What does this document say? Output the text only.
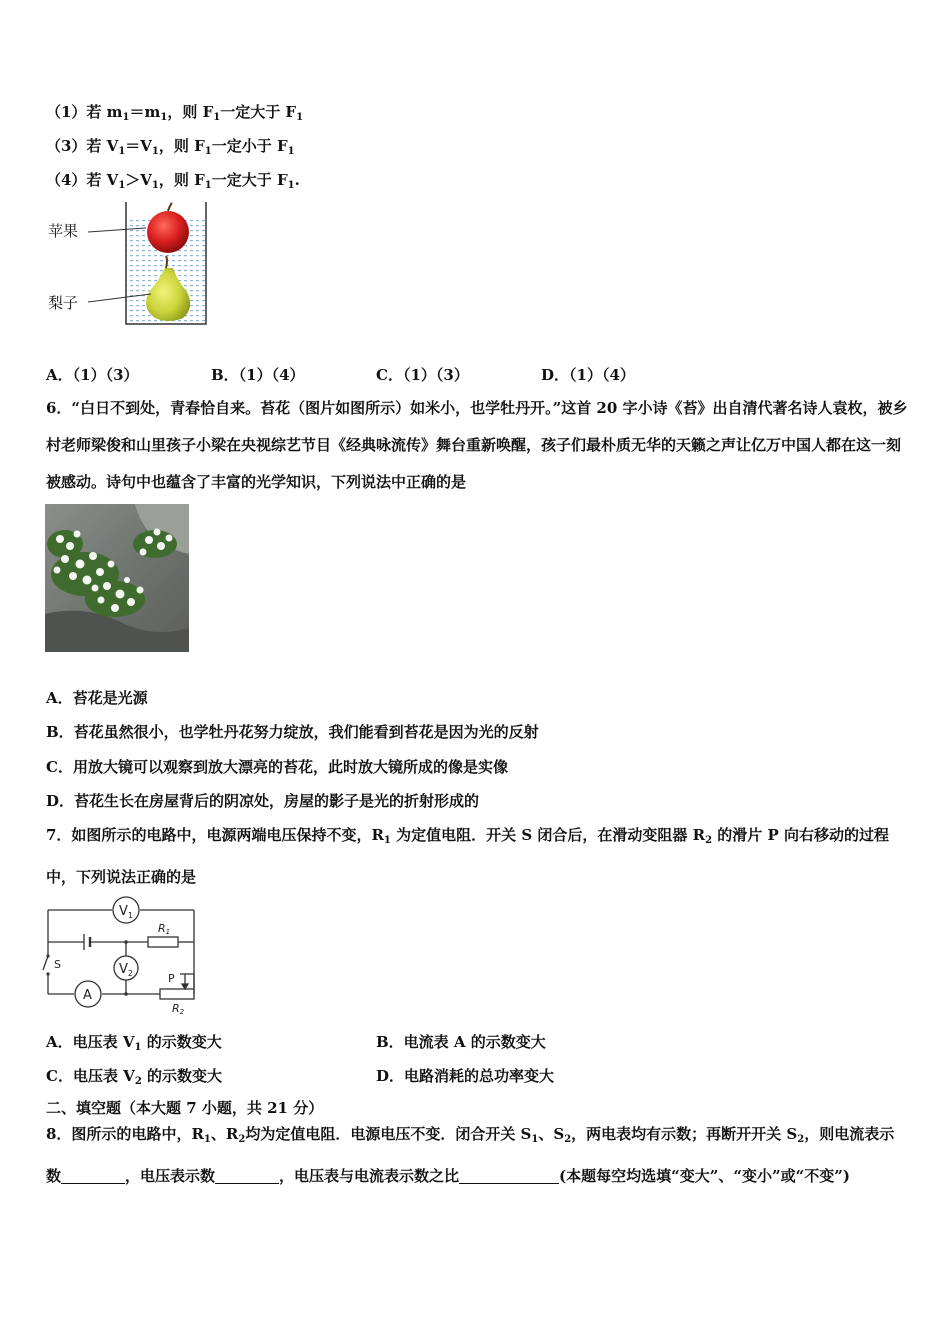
（1）若 $m_1=m_1$，则 $F_1$一定大于 $F_1$
（3）若 $V_1=V_1$，则 $F_1$一定小于 $F_1$
（4）若 $V_1>V_1$，则 $F_1$一定大于 $F_1$.
苹果
梨子
A．（1）（3）	B．（1）（4）	C．（1）（3）	D．（1）（4）
6．“白日不到处，青春恰自来。苔花（图片如图所示）如米小，也学牡丹开。”这首 20 字小诗《苔》出自清代著名诗人袁枚，被乡村老师梁俊和山里孩子小梁在央视综艺节目《经典咏流传》舞台重新唤醒，孩子们最朴质无华的天籁之声让亿万中国人都在这一刻被感动。诗句中也蕴含了丰富的光学知识，下列说法中正确的是
A．苔花是光源
B．苔花虽然很小，也学牡丹花努力绽放，我们能看到苔花是因为光的反射
C．用放大镜可以观察到放大漂亮的苔花，此时放大镜所成的像是实像
D．苔花生长在房屋背后的阴凉处，房屋的影子是光的折射形成的
7．如图所示的电路中，电源两端电压保持不变，$R_1$ 为定值电阻．开关 S 闭合后，在滑动变阻器 $R_2$ 的滑片 P 向右移动的过程中，下列说法正确的是
$V_1$
$V_2$
A
R1
R2
S
P
A．电压表 $V_1$ 的示数变大	B．电流表 A 的示数变大
C．电压表 $V_2$ 的示数变大	D．电路消耗的总功率变大
二、填空题（本大题 7 小题，共 21 分）
8．图所示的电路中，$R_1$、$R_2$均为定值电阻．电源电压不变．闭合开关 $S_1$、$S_2$，两电表均有示数；再断开开关 $S_2$，则电流表示数	，电压表示数	，电压表与电流表示数之比	(本题每空均选填“变大”、“变小”或“不变”)
